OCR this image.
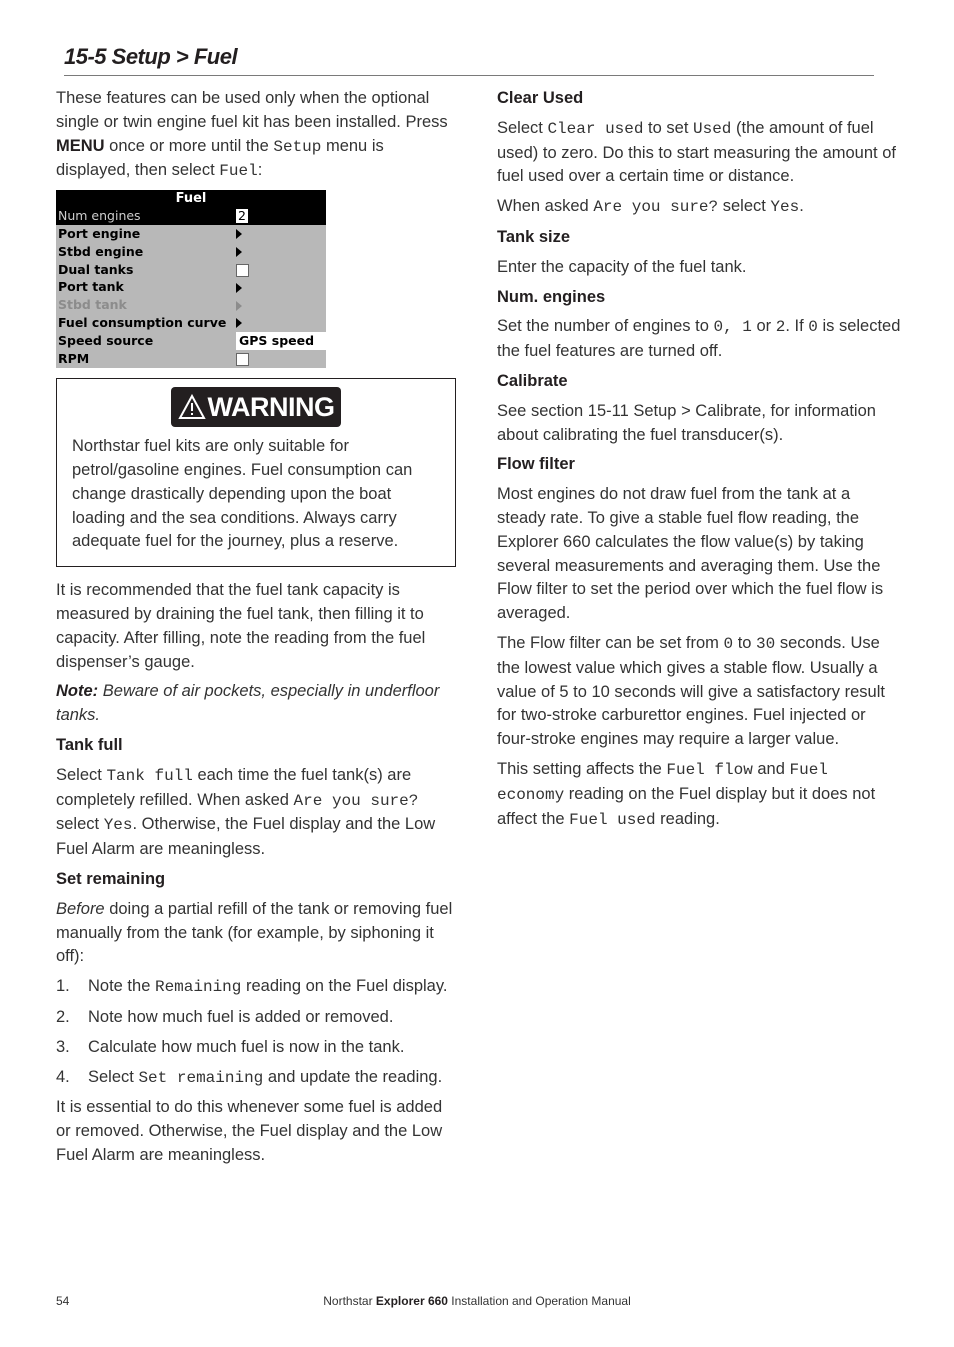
15-5 Setup > Fuel

These features can be used only when the optional single or twin engine fuel kit has been installed. Press MENU once or more until the Setup menu is displayed, then select Fuel:

Fuel
Num engines	2
Port engine
Stbd engine
Dual tanks
Port tank
Stbd tank
Fuel consumption curve
Speed source	GPS speed
RPM
WARNING
Northstar fuel kits are only suitable for petrol/gasoline engines. Fuel consumption can change drastically depending upon the boat loading and the sea conditions. Always carry adequate fuel for the journey, plus a reserve.

It is recommended that the fuel tank capacity is measured by draining the fuel tank, then filling it to capacity. After filling, note the reading from the fuel dispenser’s gauge.

Note: Beware of air pockets, especially in underfloor tanks.

Tank full

Select Tank full each time the fuel tank(s) are completely refilled. When asked Are you sure? select Yes. Otherwise, the Fuel display and the Low Fuel Alarm are meaningless.

Set remaining

Before doing a partial refill of the tank or removing fuel manually from the tank (for example, by siphoning it off):

1. Note the Remaining reading on the Fuel display.
2. Note how much fuel is added or removed.
3. Calculate how much fuel is now in the tank.
4. Select Set remaining and update the reading.

It is essential to do this whenever some fuel is added or removed. Otherwise, the Fuel display and the Low Fuel Alarm are meaningless.

Clear Used

Select Clear used to set Used (the amount of fuel used) to zero. Do this to start measuring the amount of fuel used over a certain time or distance.

When asked Are you sure? select Yes.

Tank size

Enter the capacity of the fuel tank.

Num. engines

Set the number of engines to 0, 1 or 2. If 0 is selected the fuel features are turned off.

Calibrate

See section 15-11 Setup > Calibrate, for information about calibrating the fuel transducer(s).

Flow filter

Most engines do not draw fuel from the tank at a steady rate. To give a stable fuel flow reading, the Explorer 660 calculates the flow value(s) by taking several measurements and averaging them. Use the Flow filter to set the period over which the fuel flow is averaged.

The Flow filter can be set from 0 to 30 seconds. Use the lowest value which gives a stable flow. Usually a value of 5 to 10 seconds will give a satisfactory result for two-stroke carburettor engines. Fuel injected or four-stroke engines may require a larger value.

This setting affects the Fuel flow and Fuel economy reading on the Fuel display but it does not affect the Fuel used reading.

54	Northstar Explorer 660 Installation and Operation Manual
